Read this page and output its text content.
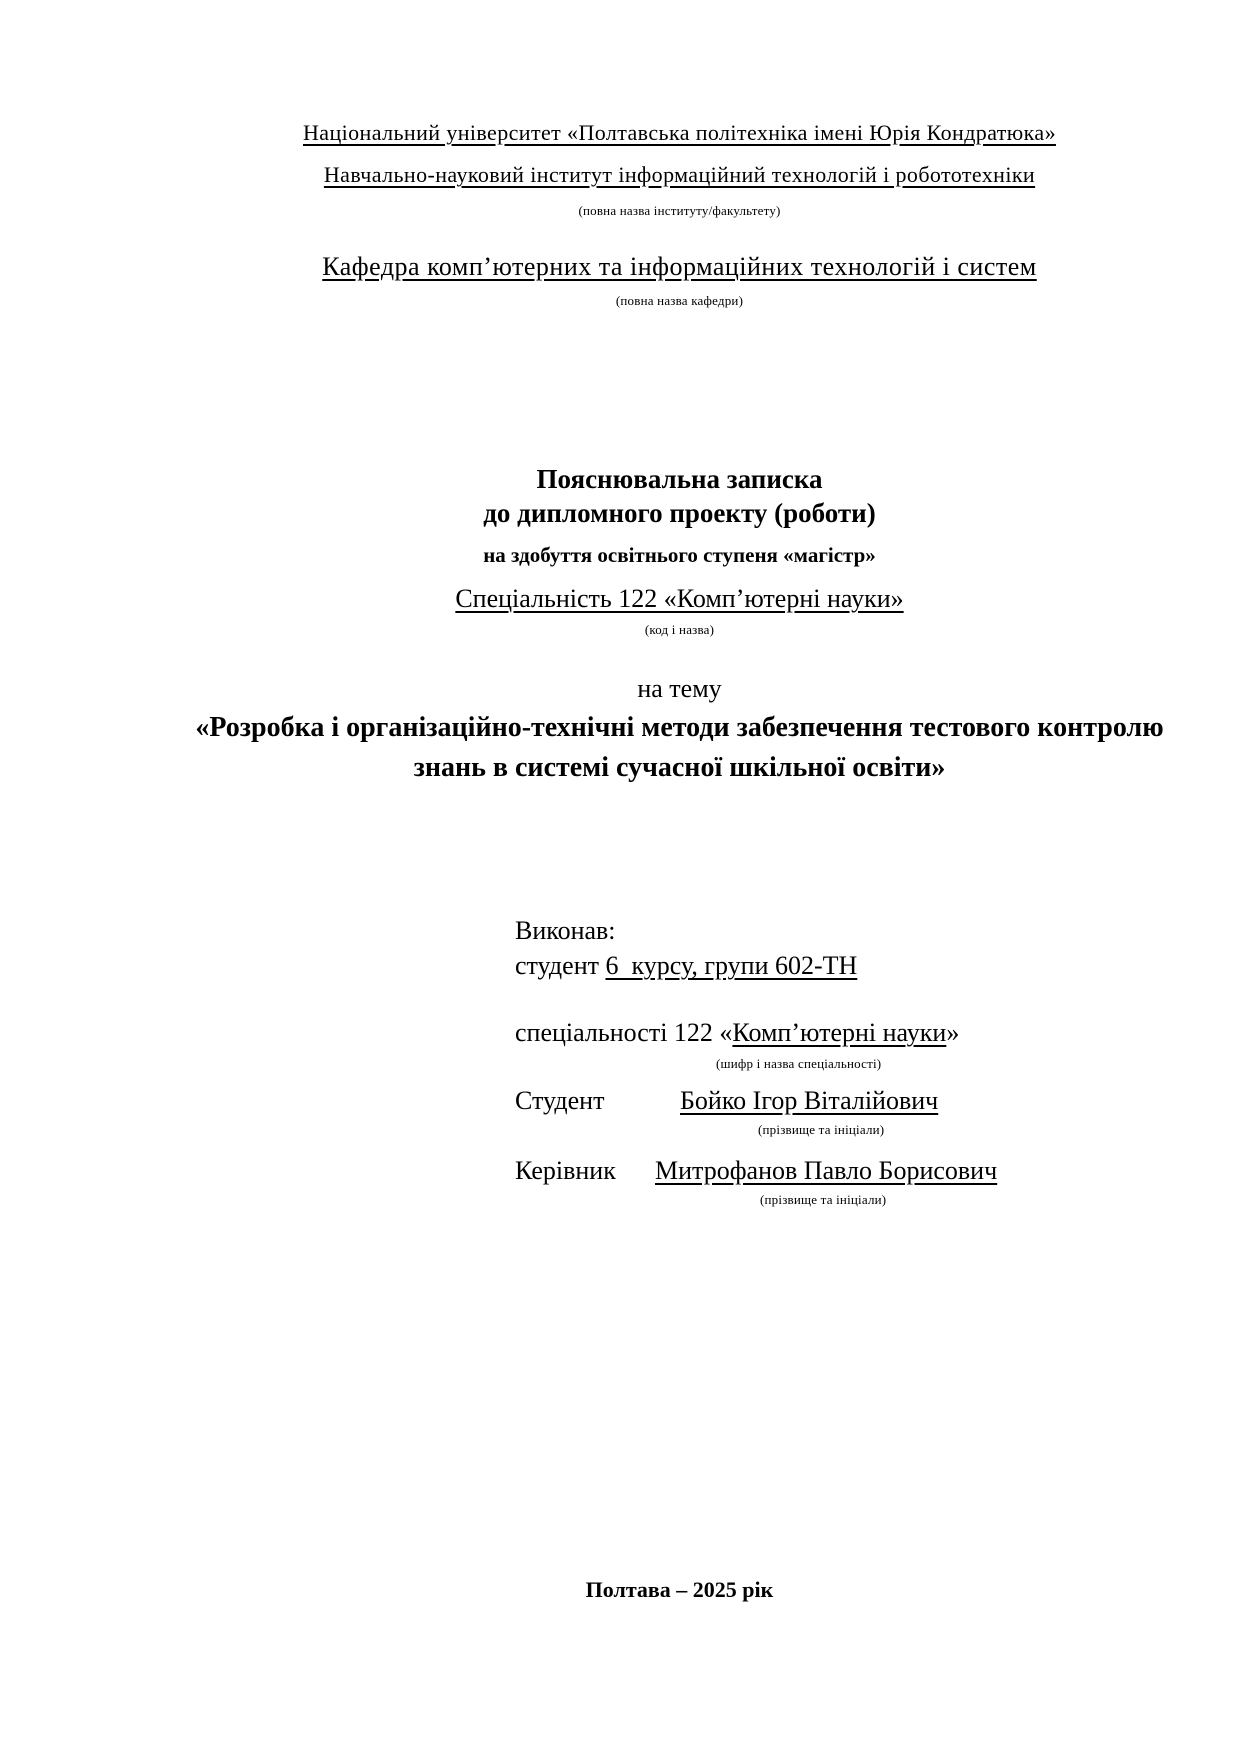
Національний університет «Полтавська політехніка імені Юрія Кондратюка»
Навчально-науковий інститут інформаційний технологій і робототехніки
(повна назва інституту/факультету)
Кафедра комп’ютерних та інформаційних технологій і систем
(повна назва кафедри)
Пояснювальна записка
до дипломного проекту (роботи)
на здобуття освітнього ступеня «магістр»
Спеціальність 122 «Комп’ютерні науки»
(код і назва)
на тему
«Розробка і організаційно-технічні методи забезпечення тестового контролю знань в системі сучасної шкільної освіти»
Виконав:
студент 6  курсу, групи 602-ТН
спеціальності 122 «Комп’ютерні науки»
(шифр і назва спеціальності)
Студент	Бойко Ігор Віталійович
(прізвище та ініціали)
Керівник Митрофанов Павло Борисович
(прізвище та ініціали)
Полтава – 2025 рік
